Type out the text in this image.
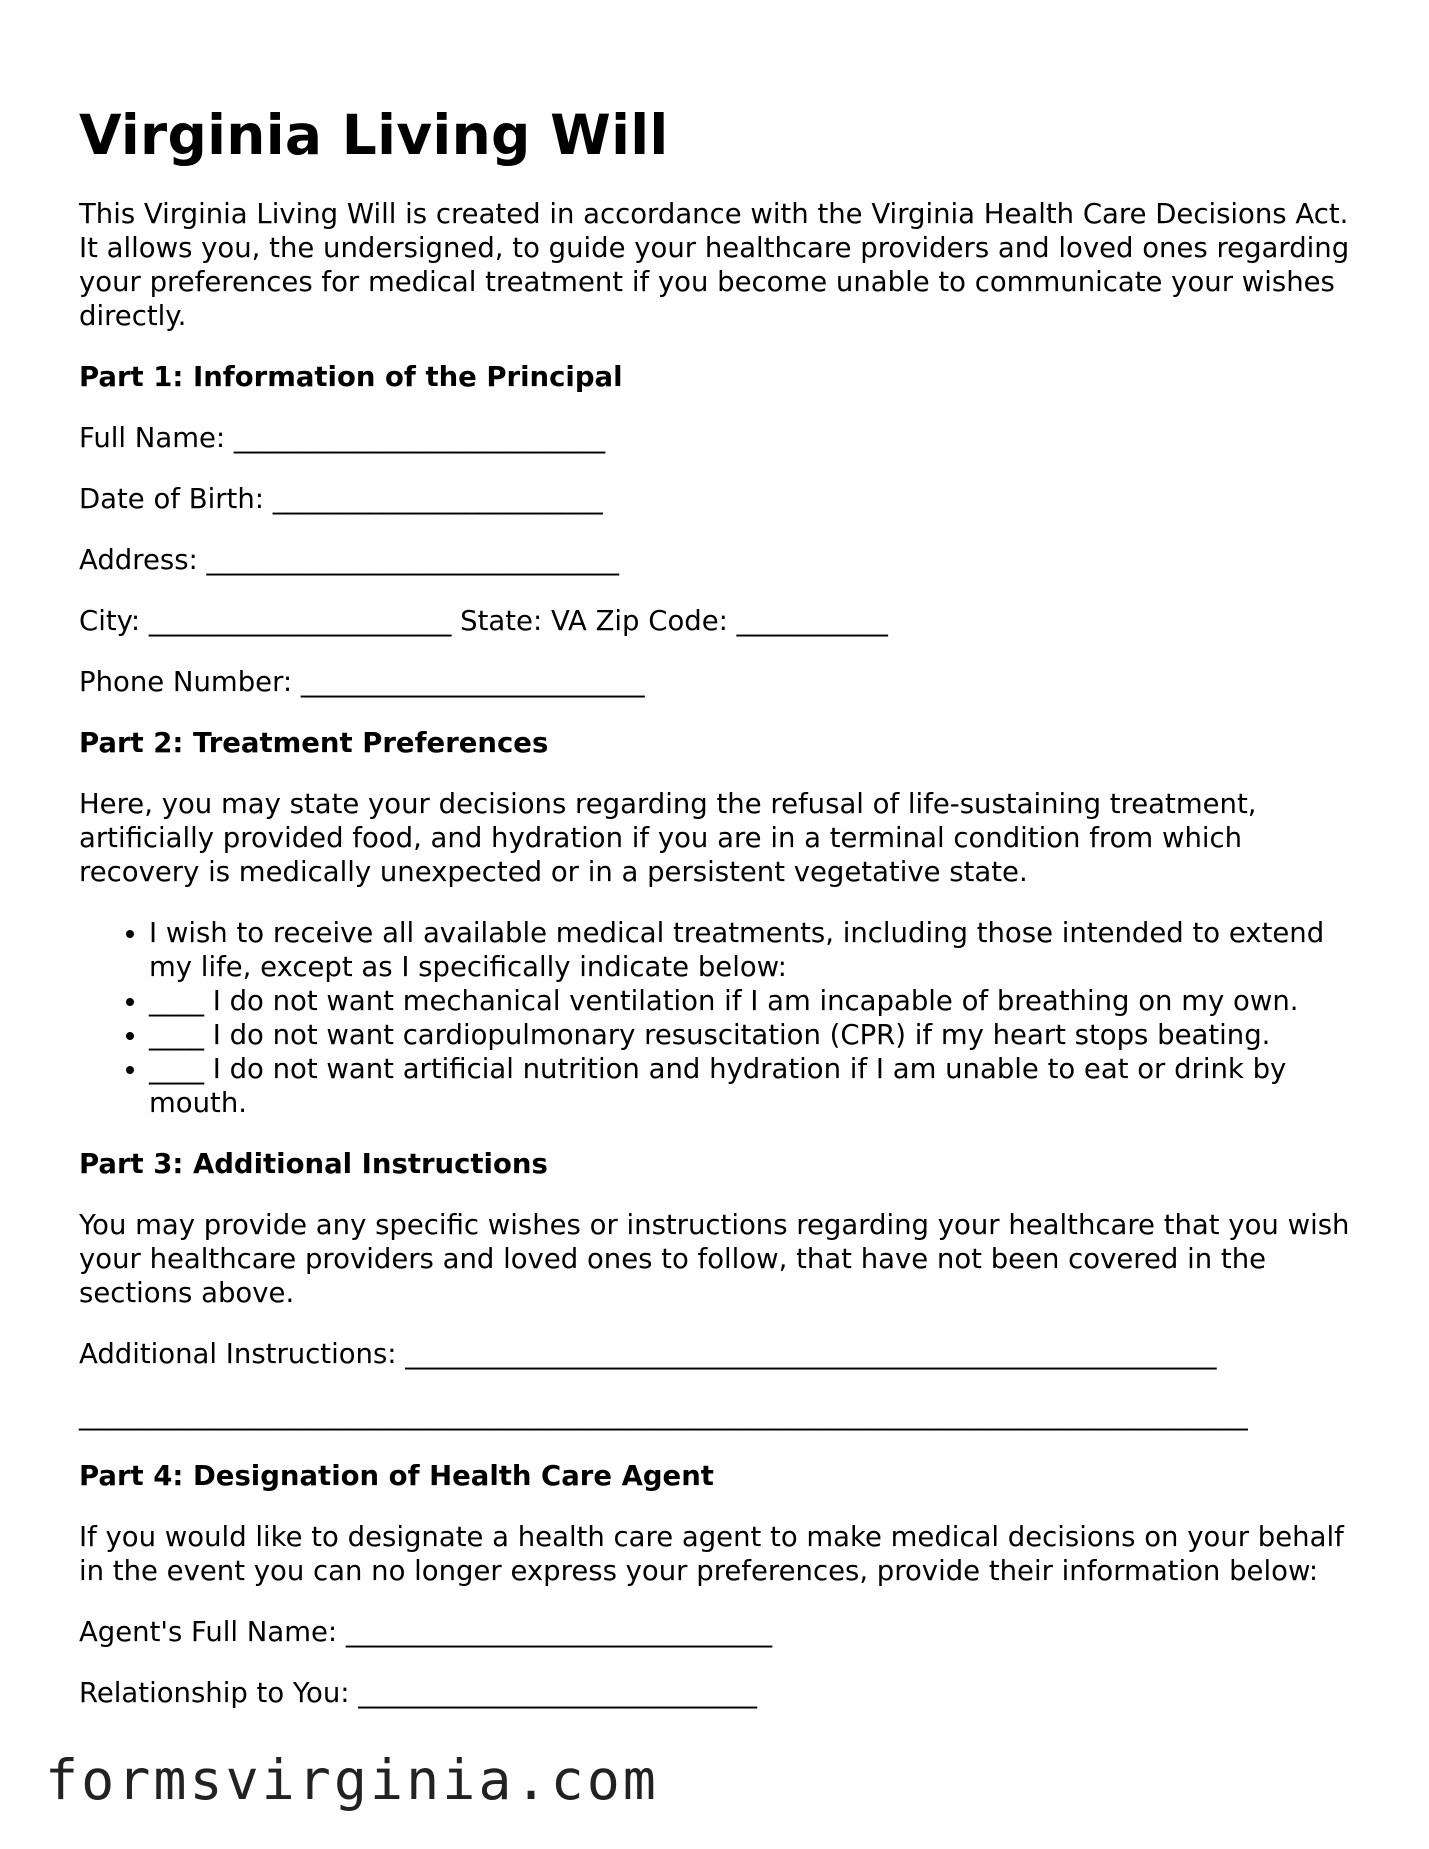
Virginia Living Will

This Virginia Living Will is created in accordance with the Virginia Health Care Decisions Act. It allows you, the undersigned, to guide your healthcare providers and loved ones regarding your preferences for medical treatment if you become unable to communicate your wishes directly.

Part 1: Information of the Principal
Full Name: ___________________________
Date of Birth: ________________________
Address: ______________________________
City: ______________________ State: VA Zip Code: ___________
Phone Number: _________________________
Part 2: Treatment Preferences

Here, you may state your decisions regarding the refusal of life-sustaining treatment, artificially provided food, and hydration if you are in a terminal condition from which recovery is medically unexpected or in a persistent vegetative state.

• I wish to receive all available medical treatments, including those intended to extend my life, except as I specifically indicate below:
• ____ I do not want mechanical ventilation if I am incapable of breathing on my own.
• ____ I do not want cardiopulmonary resuscitation (CPR) if my heart stops beating.
• ____ I do not want artificial nutrition and hydration if I am unable to eat or drink by mouth.
Part 3: Additional Instructions

You may provide any specific wishes or instructions regarding your healthcare that you wish your healthcare providers and loved ones to follow, that have not been covered in the sections above.

Additional Instructions: ___________________________________________________________
_____________________________________________________________________________________
Part 4: Designation of Health Care Agent

If you would like to designate a health care agent to make medical decisions on your behalf in the event you can no longer express your preferences, provide their information below:

Agent's Full Name: _______________________________
Relationship to You: _____________________________
formsvirginia.com
